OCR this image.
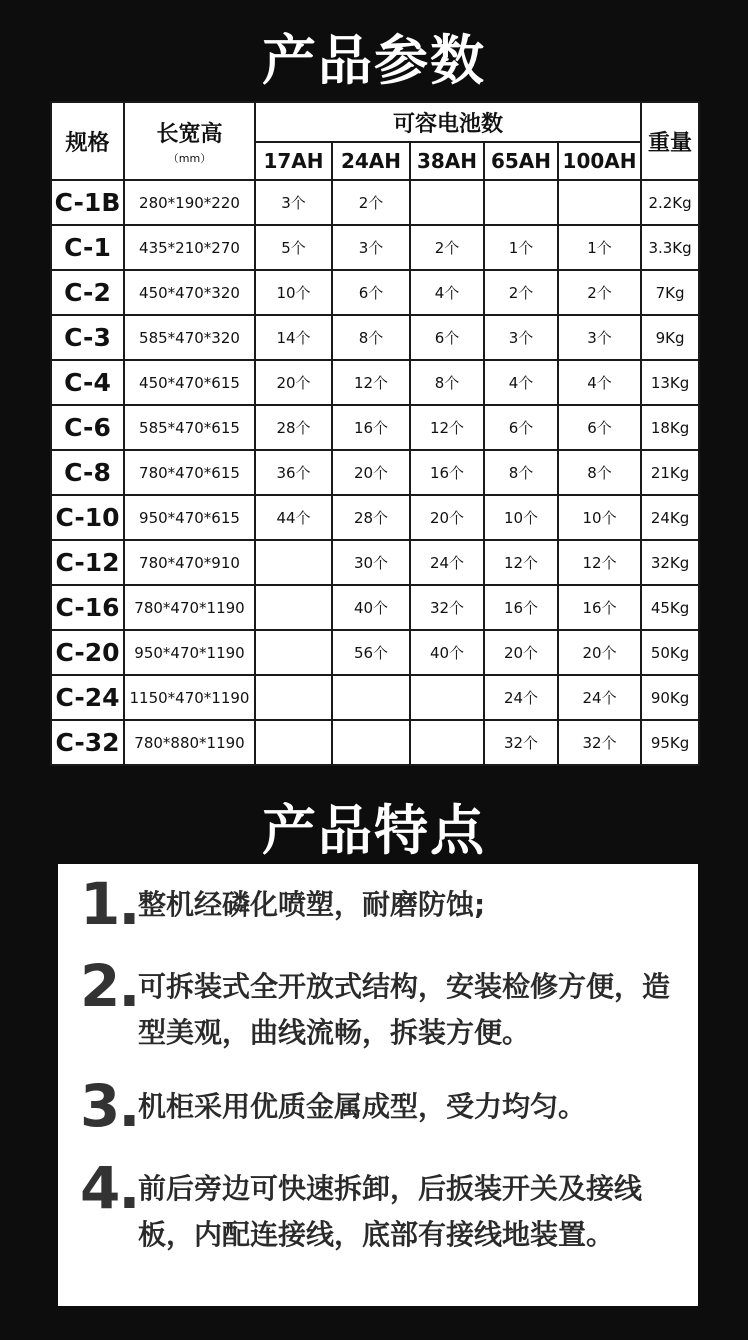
产品参数
规格	长宽高
（mm）	可容电池数					重量
		17AH	24AH	38AH	65AH	100AH	
C-1B	280*190*220	3个	2个				2.2Kg
C-1	435*210*270	5个	3个	2个	1个	1个	3.3Kg
C-2	450*470*320	10个	6个	4个	2个	2个	7Kg
C-3	585*470*320	14个	8个	6个	3个	3个	9Kg
C-4	450*470*615	20个	12个	8个	4个	4个	13Kg
C-6	585*470*615	28个	16个	12个	6个	6个	18Kg
C-8	780*470*615	36个	20个	16个	8个	8个	21Kg
C-10	950*470*615	44个	28个	20个	10个	10个	24Kg
C-12	780*470*910		30个	24个	12个	12个	32Kg
C-16	780*470*1190		40个	32个	16个	16个	45Kg
C-20	950*470*1190		56个	40个	20个	20个	50Kg
C-24	1150*470*1190				24个	24个	90Kg
C-32	780*880*1190				32个	32个	95Kg
产品特点
1. 整机经磷化喷塑，耐磨防蚀;
2. 可拆装式全开放式结构，安装检修方便，造型美观，曲线流畅，拆装方便。
3. 机柜采用优质金属成型，受力均匀。
4. 前后旁边可快速拆卸，后扳装开关及接线板，内配连接线，底部有接线地装置。
